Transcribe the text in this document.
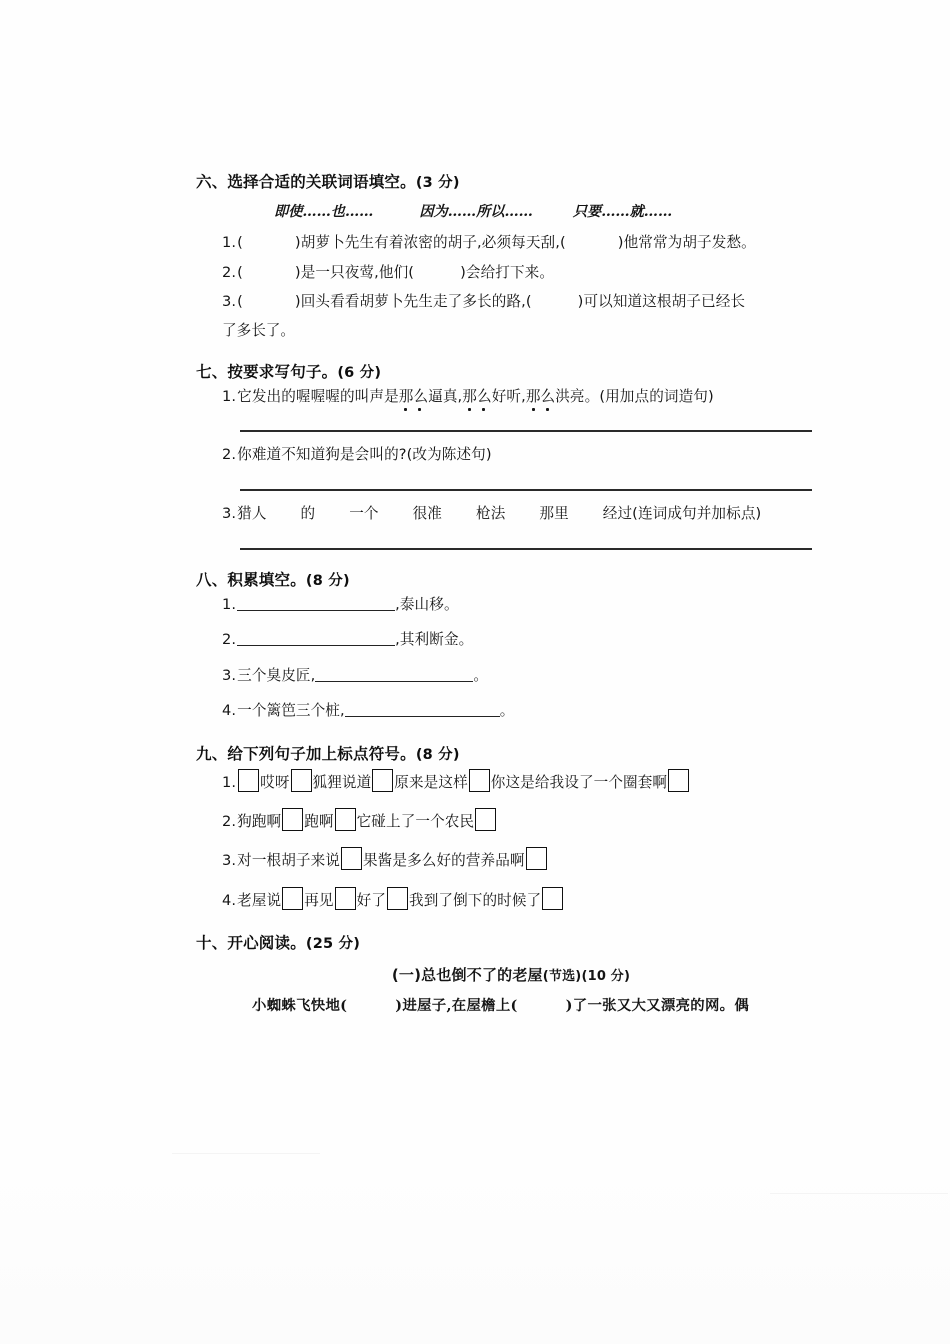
六、选择合适的关联词语填空。(3 分)
即使……也……	因为……所以……	只要……就……
1.(	)胡萝卜先生有着浓密的胡子,必须每天刮,(	)他常常为胡子发愁。
2.(	)是一只夜莺,他们(	)会给打下来。
3.(	)回头看看胡萝卜先生走了多长的路,(	)可以知道这根胡子已经长
了多长了。
七、按要求写句子。(6 分)
1.它发出的喔喔喔的叫声是那么逼真,那么好听,那么洪亮。(用加点的词造句)
2.你难道不知道狗是会叫的?(改为陈述句)
3.猎人 的 一个 很准 枪法 那里 经过(连词成句并加标点)
八、积累填空。(8 分)
1.	,泰山移。
2.	,其利断金。
3.三个臭皮匠,	。
4.一个篱笆三个桩,	。
九、给下列句子加上标点符号。(8 分)
1. 哎呀 狐狸说道 原来是这样 你这是给我设了一个圈套啊
2.狗跑啊 跑啊 它碰上了一个农民
3.对一根胡子来说 果酱是多么好的营养品啊
4.老屋说 再见 好了 我到了倒下的时候了
十、开心阅读。(25 分)
(一)总也倒不了的老屋(节选)(10 分)
小蜘蛛飞快地(	)进屋子,在屋檐上(	)了一张又大又漂亮的网。偶
